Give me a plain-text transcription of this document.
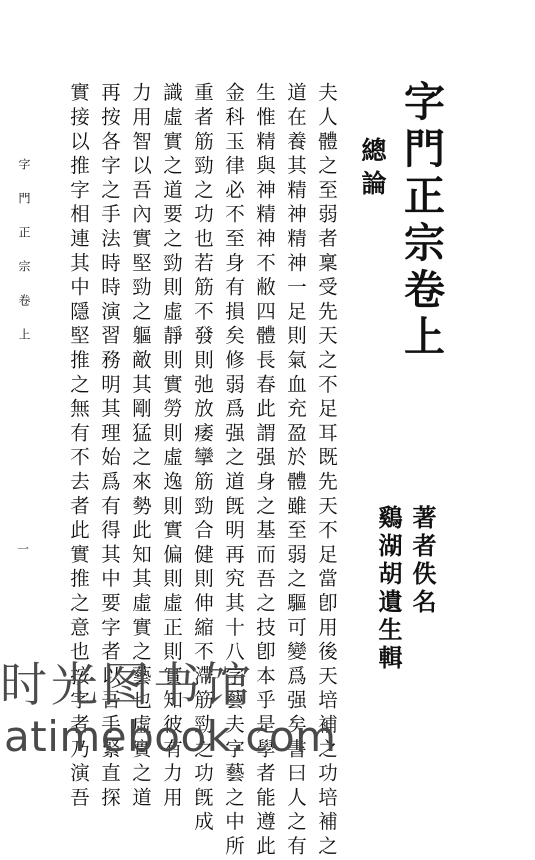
字門正宗卷上
總論
著者佚名
鷄湖胡遺生輯
夫人體之至弱者稟受先天之不足耳既先天不足當卽用後天培補之功培補之
道在養其精神精神一足則氣血充盈於體雖至弱之驅可變爲强矣書曰人之有
生惟精與神精神不敝四體長春此謂强身之基而吾之技卽本乎是學者能遵此
金科玉律必不至身有損矣修弱爲强之道旣明再究其十八字藝夫字藝之中所
重者筋勁之功也若筋不發則弛放痿攣筋勁合健則伸縮不滯筋勁之功旣成
識虛實之道要之勁則虛靜則實勞則虛逸則實偏則虛正則實知彼有力用
力用智以吾內實堅勁之軀敵其剛猛之來勢此知其虛實之藝也虛實之道
再按各字之手法時時演習務明其理始爲有得其中要字者以吾手緊直探
實接以推字相連其中隱堅推之無有不去者此實推之意也按字者乃演吾
字門正宗卷上
一
时光图书馆
atimebook.com
